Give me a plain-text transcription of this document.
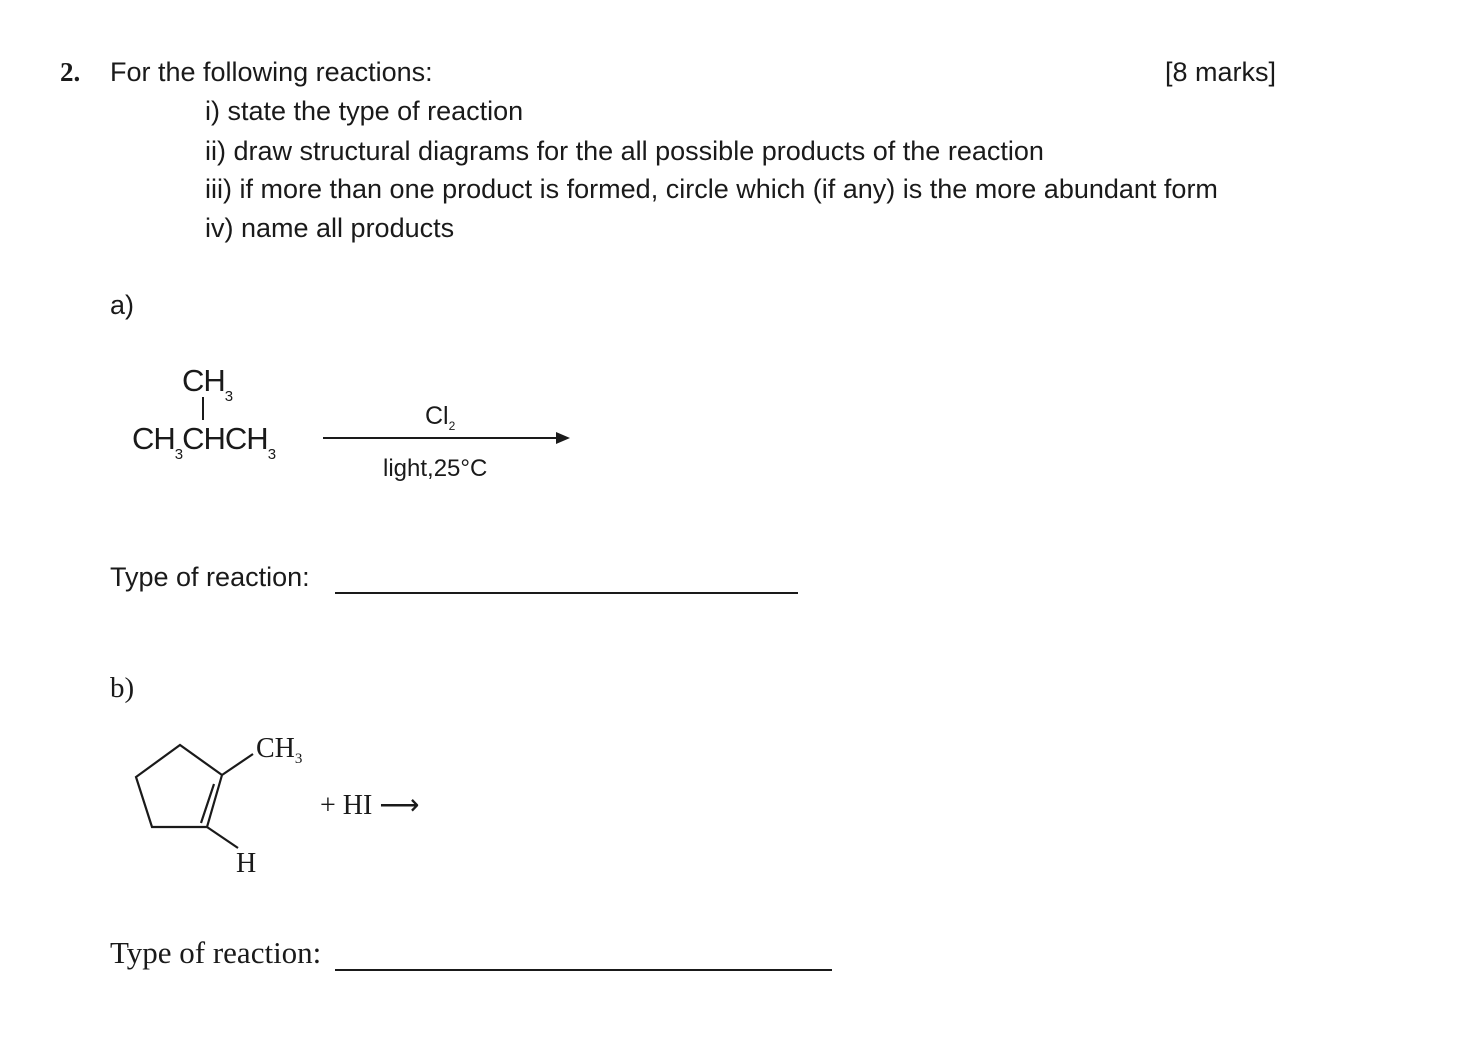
2. For the following reactions:	[8 marks]
i) state the type of reaction
ii) draw structural diagrams for the all possible products of the reaction
iii) if more than one product is formed, circle which (if any) is the more abundant form
iv) name all products
a)
$CH_3$
$CH_3CHCH_3$
$Cl_2$
light,25°C
Type of reaction:
b)
$CH_3$
H
+ HI ⟶
Type of reaction:
